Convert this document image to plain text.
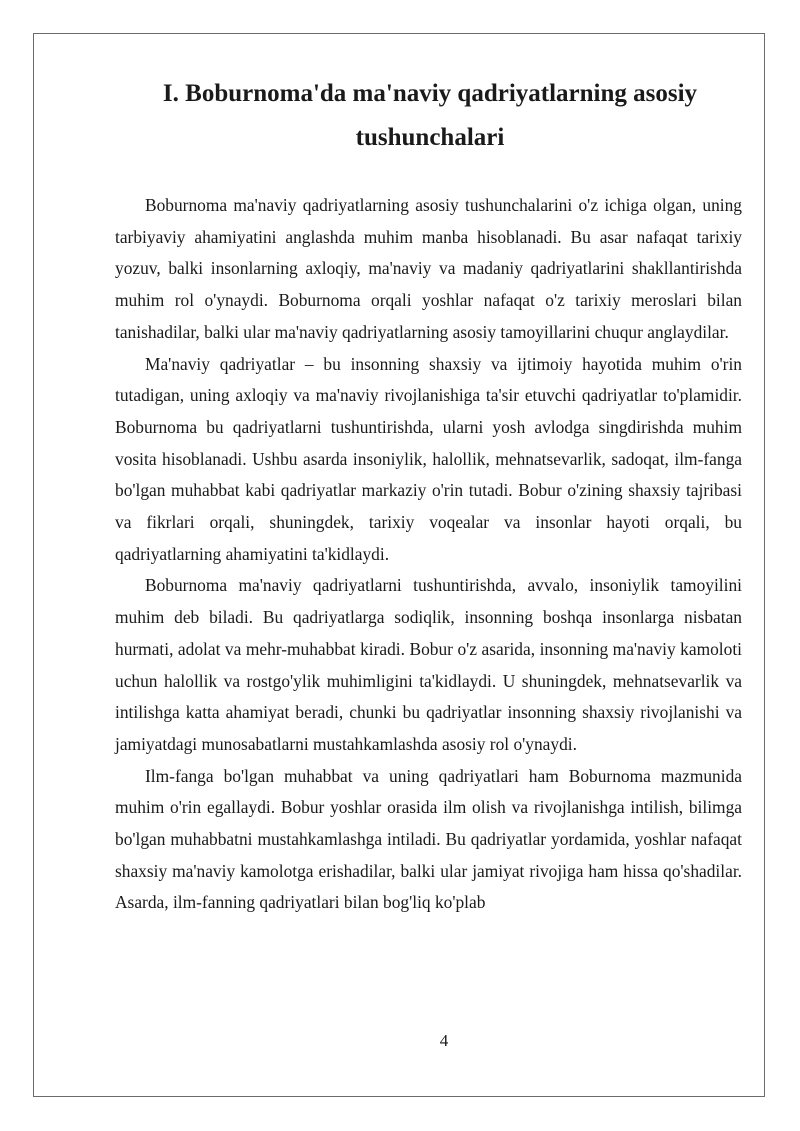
I. Boburnoma'da ma'naviy qadriyatlarning asosiy tushunchalari

Boburnoma ma'naviy qadriyatlarning asosiy tushunchalarini o'z ichiga olgan, uning tarbiyaviy ahamiyatini anglashda muhim manba hisoblanadi. Bu asar nafaqat tarixiy yozuv, balki insonlarning axloqiy, ma'naviy va madaniy qadriyatlarini shakllantirishda muhim rol o'ynaydi. Boburnoma orqali yoshlar nafaqat o'z tarixiy meroslari bilan tanishadilar, balki ular ma'naviy qadriyatlarning asosiy tamoyillarini chuqur anglaydilar.

Ma'naviy qadriyatlar – bu insonning shaxsiy va ijtimoiy hayotida muhim o'rin tutadigan, uning axloqiy va ma'naviy rivojlanishiga ta'sir etuvchi qadriyatlar to'plamidir. Boburnoma bu qadriyatlarni tushuntirishda, ularni yosh avlodga singdirishda muhim vosita hisoblanadi. Ushbu asarda insoniylik, halollik, mehnatsevarlik, sadoqat, ilm-fanga bo'lgan muhabbat kabi qadriyatlar markaziy o'rin tutadi. Bobur o'zining shaxsiy tajribasi va fikrlari orqali, shuningdek, tarixiy voqealar va insonlar hayoti orqali, bu qadriyatlarning ahamiyatini ta'kidlaydi.

Boburnoma ma'naviy qadriyatlarni tushuntirishda, avvalo, insoniylik tamoyilini muhim deb biladi. Bu qadriyatlarga sodiqlik, insonning boshqa insonlarga nisbatan hurmati, adolat va mehr-muhabbat kiradi. Bobur o'z asarida, insonning ma'naviy kamoloti uchun halollik va rostgo'ylik muhimligini ta'kidlaydi. U shuningdek, mehnatsevarlik va intilishga katta ahamiyat beradi, chunki bu qadriyatlar insonning shaxsiy rivojlanishi va jamiyatdagi munosabatlarni mustahkamlashda asosiy rol o'ynaydi.

Ilm-fanga bo'lgan muhabbat va uning qadriyatlari ham Boburnoma mazmunida muhim o'rin egallaydi. Bobur yoshlar orasida ilm olish va rivojlanishga intilish, bilimga bo'lgan muhabbatni mustahkamlashga intiladi. Bu qadriyatlar yordamida, yoshlar nafaqat shaxsiy ma'naviy kamolotga erishadilar, balki ular jamiyat rivojiga ham hissa qo'shadilar. Asarda, ilm-fanning qadriyatlari bilan bog'liq ko'plab

4
